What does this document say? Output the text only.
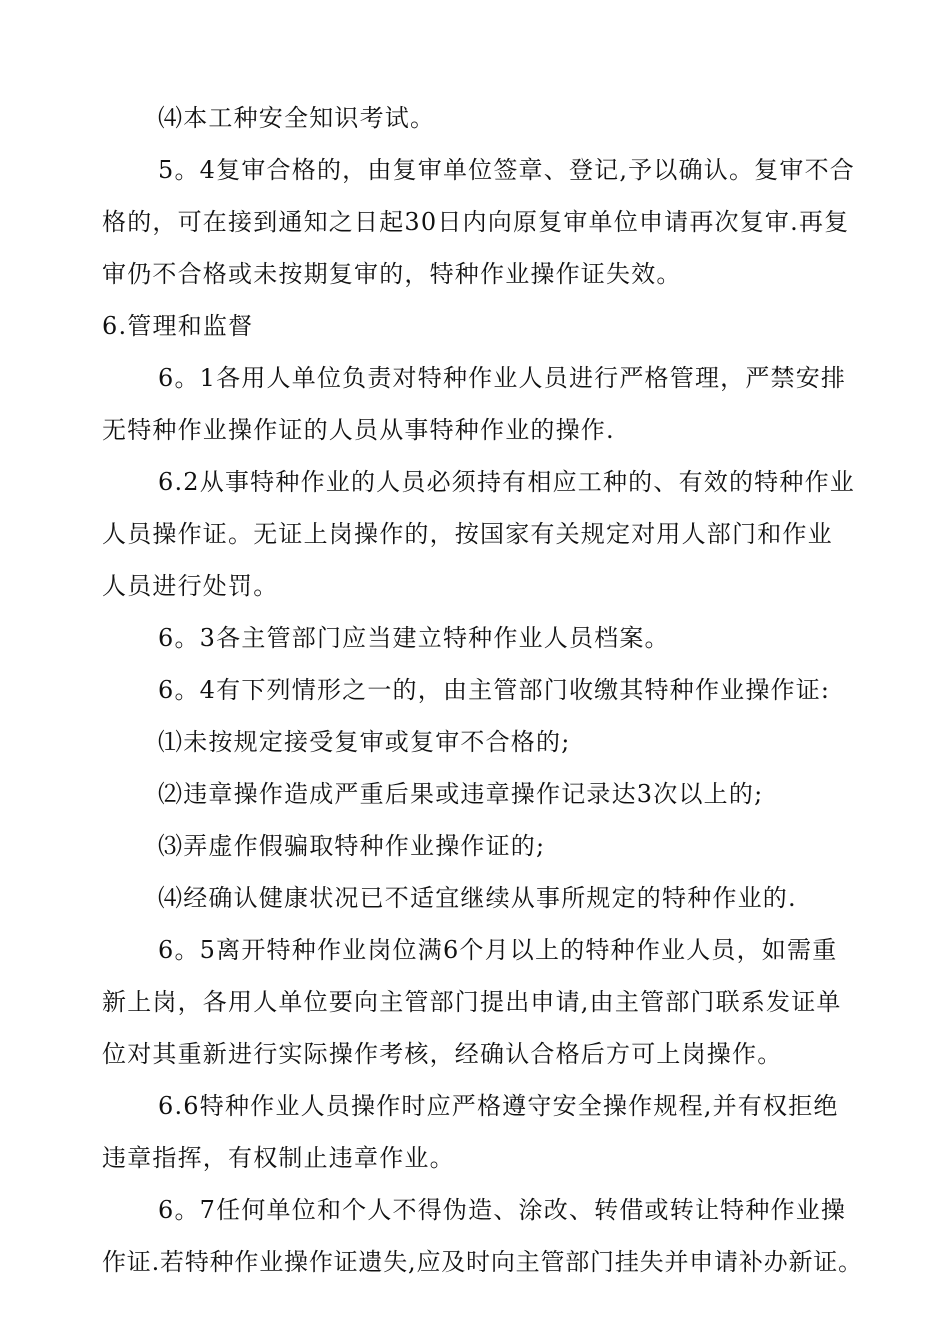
⑷本工种安全知识考试。
5。4复审合格的，由复审单位签章、登记,予以确认。复审不合
格的，可在接到通知之日起30日内向原复审单位申请再次复审.再复
审仍不合格或未按期复审的，特种作业操作证失效。
6.管理和监督
6。1各用人单位负责对特种作业人员进行严格管理，严禁安排
无特种作业操作证的人员从事特种作业的操作.
6.2从事特种作业的人员必须持有相应工种的、有效的特种作业
人员操作证。无证上岗操作的，按国家有关规定对用人部门和作业
人员进行处罚。
6。3各主管部门应当建立特种作业人员档案。
6。4有下列情形之一的，由主管部门收缴其特种作业操作证:
⑴未按规定接受复审或复审不合格的;
⑵违章操作造成严重后果或违章操作记录达3次以上的;
⑶弄虚作假骗取特种作业操作证的;
⑷经确认健康状况已不适宜继续从事所规定的特种作业的.
6。5离开特种作业岗位满6个月以上的特种作业人员，如需重
新上岗，各用人单位要向主管部门提出申请,由主管部门联系发证单
位对其重新进行实际操作考核，经确认合格后方可上岗操作。
6.6特种作业人员操作时应严格遵守安全操作规程,并有权拒绝
违章指挥，有权制止违章作业。
6。7任何单位和个人不得伪造、涂改、转借或转让特种作业操
作证.若特种作业操作证遗失,应及时向主管部门挂失并申请补办新证。
